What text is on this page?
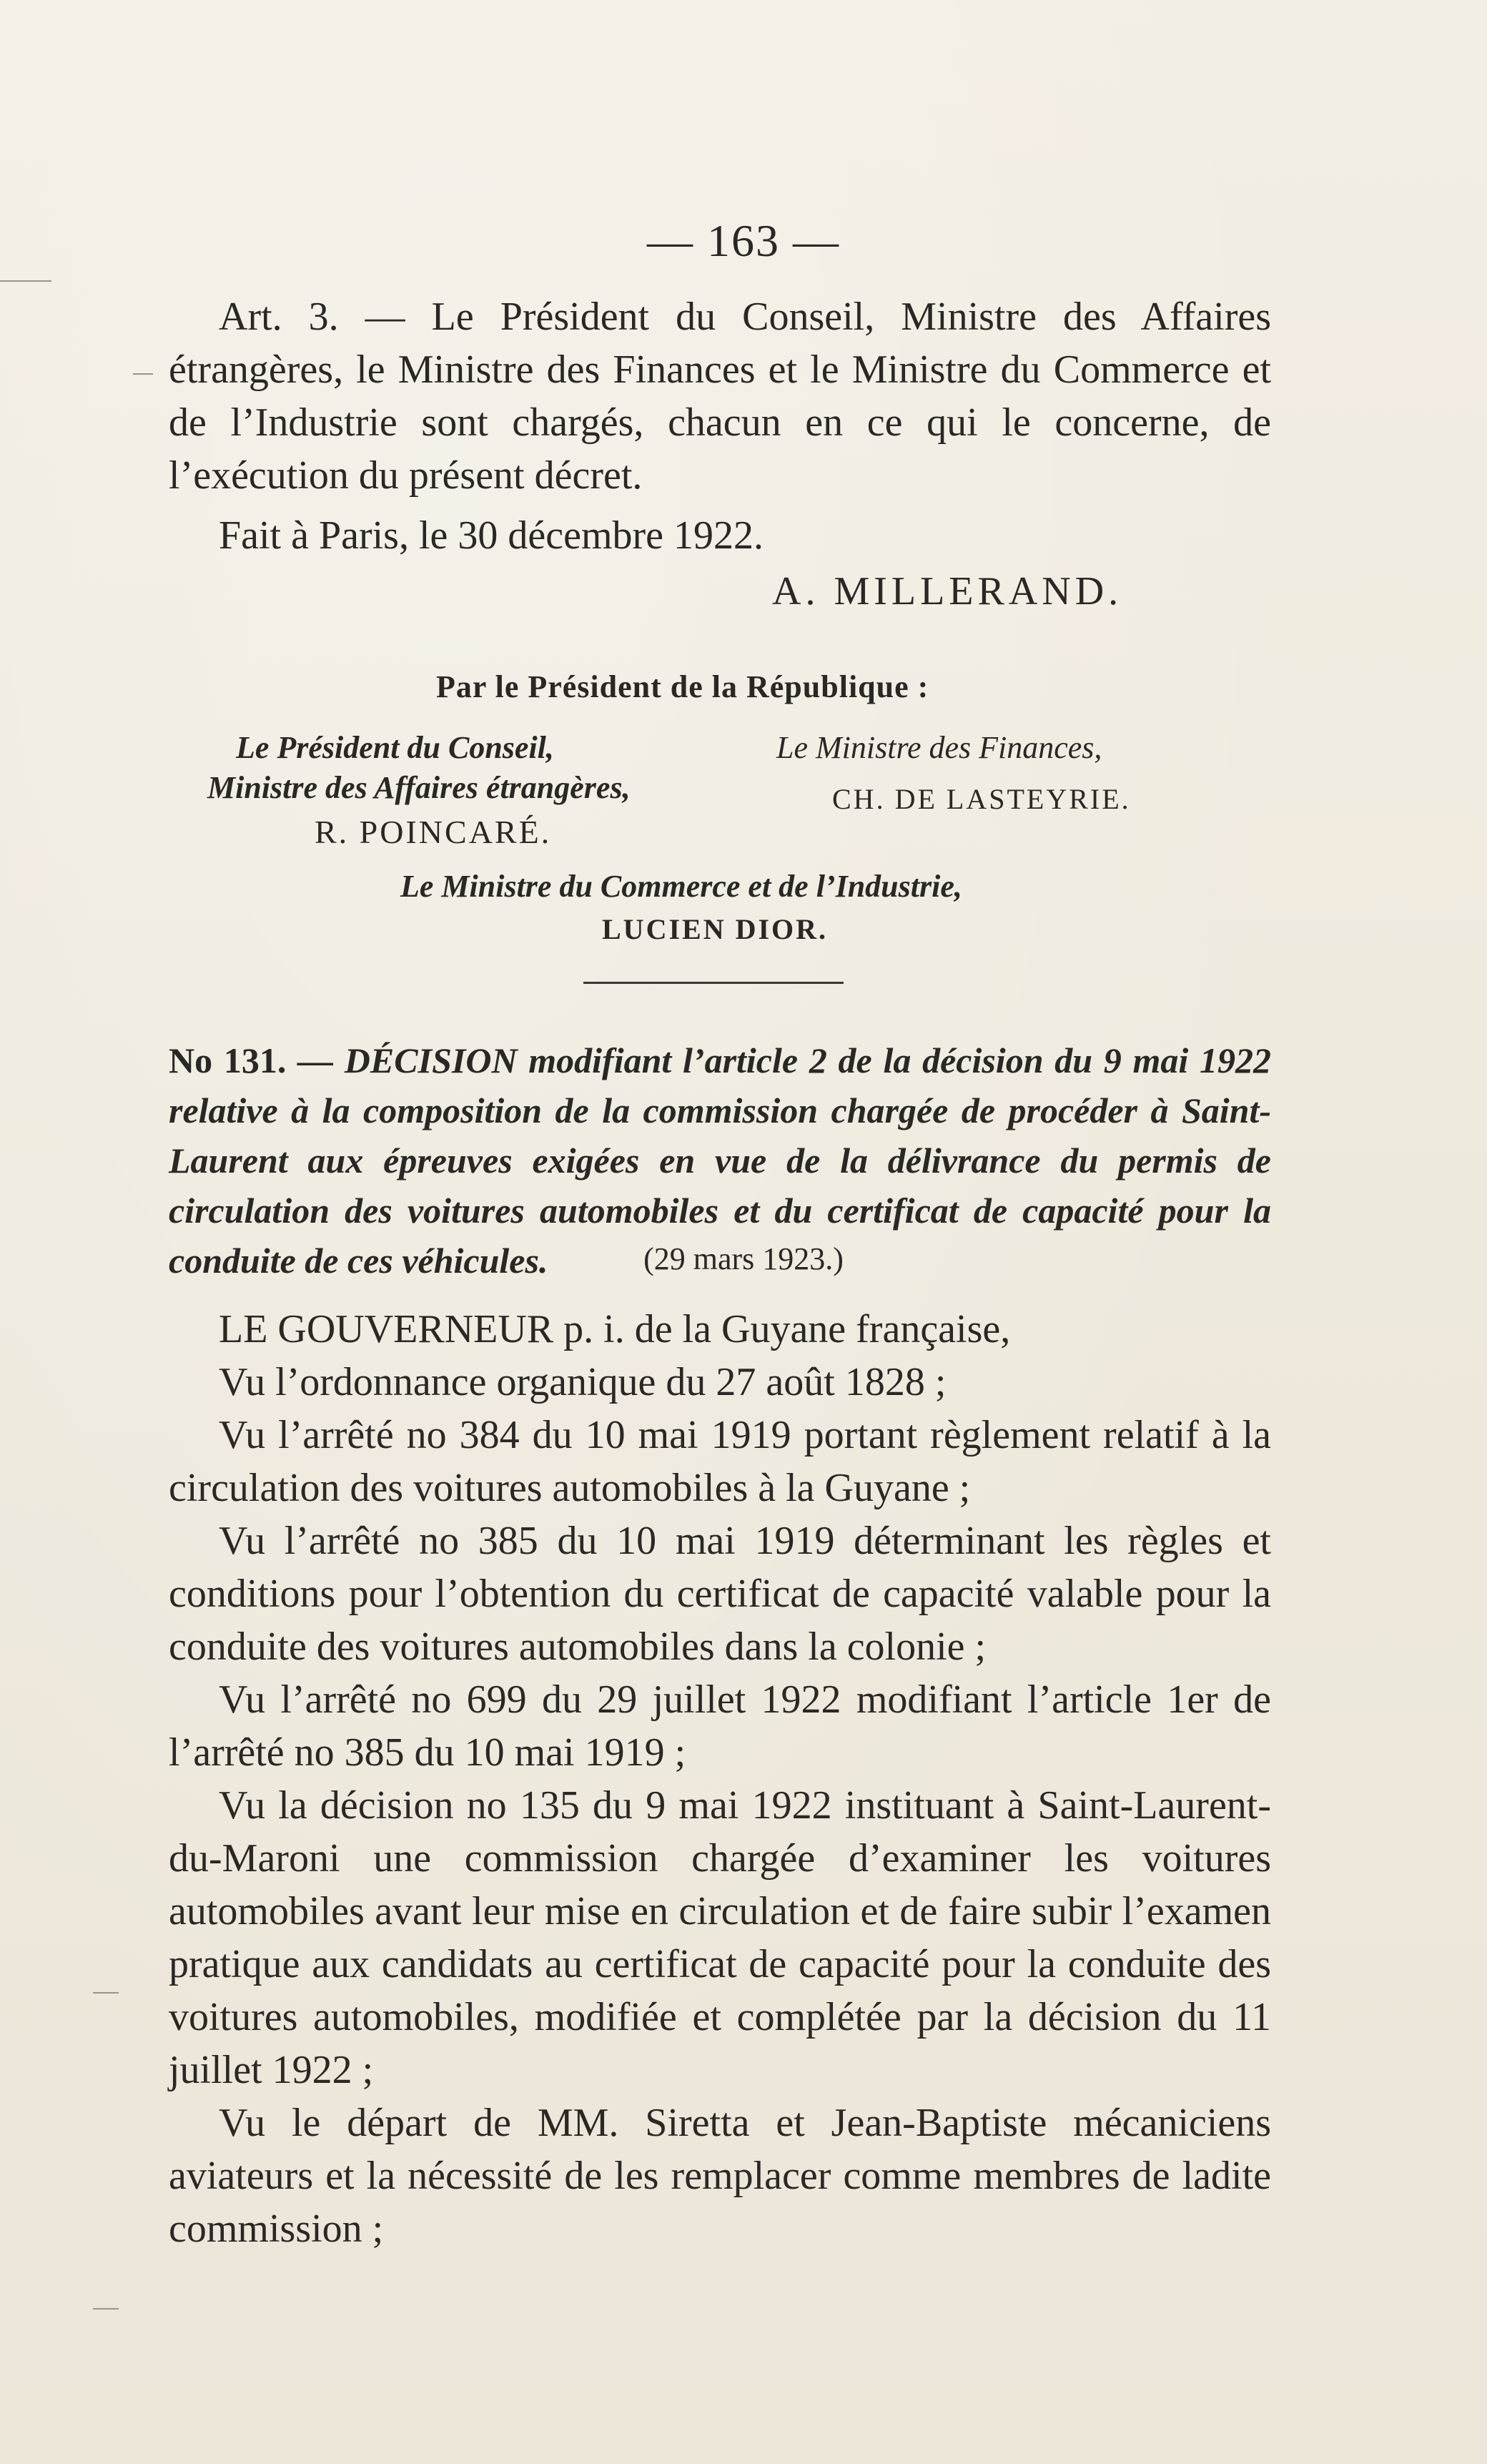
— 163 —

Art. 3. — Le Président du Conseil, Ministre des Affaires étrangères, le Ministre des Finances et le Ministre du Commerce et de l’Industrie sont chargés, chacun en ce qui le concerne, de l’exécution du présent décret.

Fait à Paris, le 30 décembre 1922.

A. MILLERAND.
Par le Président de la République :
Le Président du Conseil,
Ministre des Affaires étrangères,
R. POINCARÉ.
Le Ministre des Finances,
CH. DE LASTEYRIE.
Le Ministre du Commerce et de l’Industrie,
LUCIEN DIOR.
No 131. — DÉCISION modifiant l’article 2 de la décision du 9 mai 1922 relative à la composition de la commission chargée de procéder à Saint-Laurent aux épreuves exigées en vue de la délivrance du permis de circulation des voitures automobiles et du certificat de capacité pour la conduite de ces véhicules.	(29 mars 1923.)

LE GOUVERNEUR p. i. de la Guyane française,

Vu l’ordonnance organique du 27 août 1828 ;

Vu l’arrêté no 384 du 10 mai 1919 portant règlement relatif à la circulation des voitures automobiles à la Guyane ;

Vu l’arrêté no 385 du 10 mai 1919 déterminant les règles et conditions pour l’obtention du certificat de capacité valable pour la conduite des voitures automobiles dans la colonie ;

Vu l’arrêté no 699 du 29 juillet 1922 modifiant l’article 1er de l’arrêté no 385 du 10 mai 1919 ;

Vu la décision no 135 du 9 mai 1922 instituant à Saint-Laurent-du-Maroni une commission chargée d’examiner les voitures automobiles avant leur mise en circulation et de faire subir l’examen pratique aux candidats au certificat de capacité pour la conduite des voitures automobiles, modifiée et complétée par la décision du 11 juillet 1922 ;

Vu le départ de MM. Siretta et Jean-Baptiste mécaniciens aviateurs et la nécessité de les remplacer comme membres de ladite commission ;
